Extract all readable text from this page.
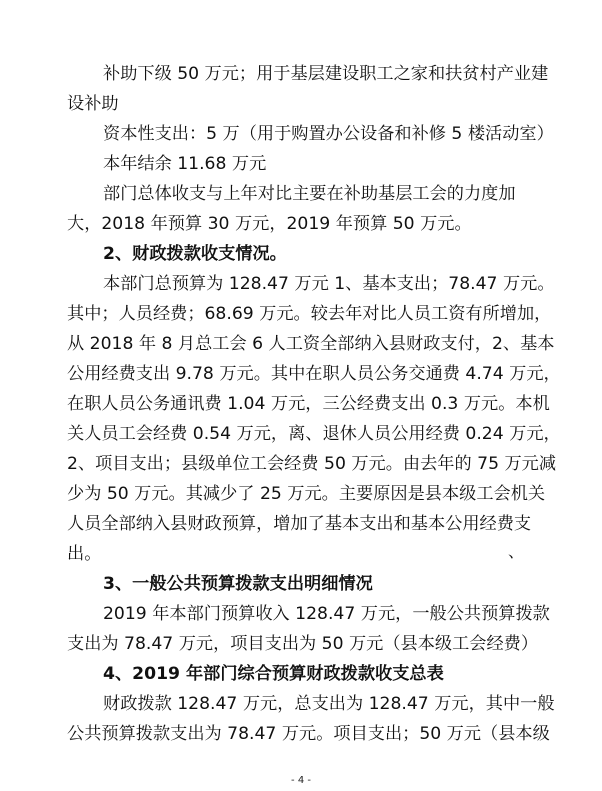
补助下级 50 万元；用于基层建设职工之家和扶贫村产业建
设补助
资本性支出：5 万（用于购置办公设备和补修 5 楼活动室）
本年结余 11.68 万元
部门总体收支与上年对比主要在补助基层工会的力度加
大，2018 年预算 30 万元，2019 年预算 50 万元。
2、财政拨款收支情况。
本部门总预算为 128.47 万元 1、基本支出；78.47 万元。
其中；人员经费；68.69 万元。较去年对比人员工资有所增加，
从 2018 年 8 月总工会 6 人工资全部纳入县财政支付，2、基本
公用经费支出 9.78 万元。其中在职人员公务交通费 4.74 万元，
在职人员公务通讯费 1.04 万元，三公经费支出 0.3 万元。本机
关人员工会经费 0.54 万元，离、退休人员公用经费 0.24 万元，
2、项目支出；县级单位工会经费 50 万元。由去年的 75 万元减
少为 50 万元。其减少了 25 万元。主要原因是县本级工会机关
人员全部纳入县财政预算，增加了基本支出和基本公用经费支
出。	、
3、一般公共预算拨款支出明细情况
2019 年本部门预算收入 128.47 万元，一般公共预算拨款
支出为 78.47 万元，项目支出为 50 万元（县本级工会经费）
4、2019 年部门综合预算财政拨款收支总表
财政拨款 128.47 万元，总支出为 128.47 万元，其中一般
公共预算拨款支出为 78.47 万元。项目支出；50 万元（县本级
- 4 -
